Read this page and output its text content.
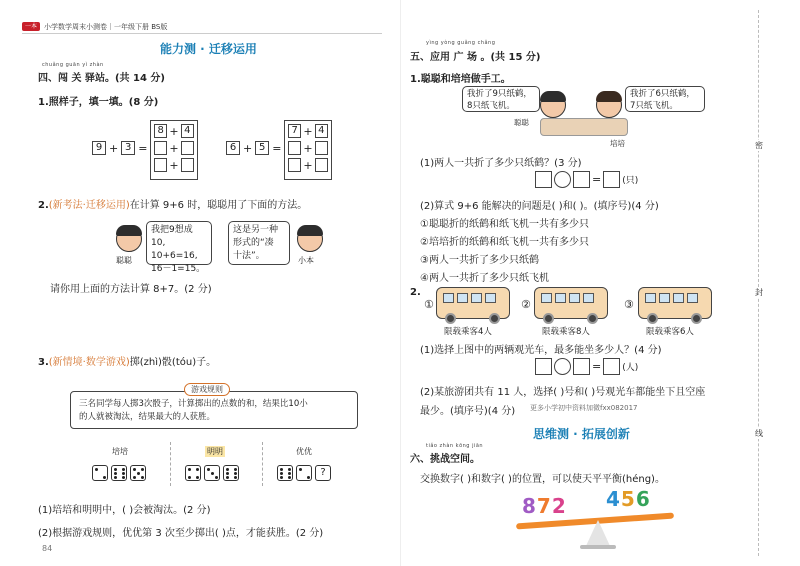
一本	小学数学周末小测卷｜一年级下册 BS版
能力测 · 迁移运用
chuǎng guān yì zhàn
四、闯 关 驿站。(共 14 分)
1.照样子，填一填。(8 分)
9 + 3 =
8 + 4
+
+
6 + 5 =
7 + 4
+
+
2.(新考法·迁移运用)在计算 9+6 时，聪聪用了下面的方法。
聪聪
我把9想成10,
10+6=16,
16－1=15。
这是另一种
形式的“凑
十法”。	小本
请你用上面的方法计算 8+7。(2 分)
3.(新情境·数学游戏)掷(zhì)骰(tóu)子。
三名同学每人掷3次骰子，计算掷出的点数的和，结果比10小
的人就被淘汰，结果最大的人获胜。
游戏规则
培培	明明	优优
?
(1)培培和明明中，( )会被淘汰。(2 分)
(2)根据游戏规则，优优第 3 次至少掷出( )点，才能获胜。(2 分)
84
yìng yòng guǎng chǎng
五、应用 广 场 。(共 15 分)
1.聪聪和培培做手工。
我折了9只纸鹤，
8只纸飞机。
我折了6只纸鹤，
7只纸飞机。
聪聪
培培
(1)两人一共折了多少只纸鹤？(3 分)
= (只)
(2)算式 9+6 能解决的问题是( )和( )。(填序号)(4 分)
①聪聪折的纸鹤和纸飞机一共有多少只
②培培折的纸鹤和纸飞机一共有多少只
③两人一共折了多少只纸鹤
④两人一共折了多少只纸飞机
2.
①
限载乘客4人
②
限载乘客8人
③
限载乘客6人
(1)选择上图中的两辆观光车，最多能坐多少人？(4 分)
= (人)
(2)某旅游团共有 11 人，选择( )号和( )号观光车都能坐下且空座
最少。(填序号)(4 分) 更多小学初中资料加微fxx082017
思维测 · 拓展创新
tiǎo zhàn kōng jiān
六、挑战空间。
交换数字( )和数字( )的位置，可以使天平平衡(héng)。
8 7 2 4 5 6
密
封
线
